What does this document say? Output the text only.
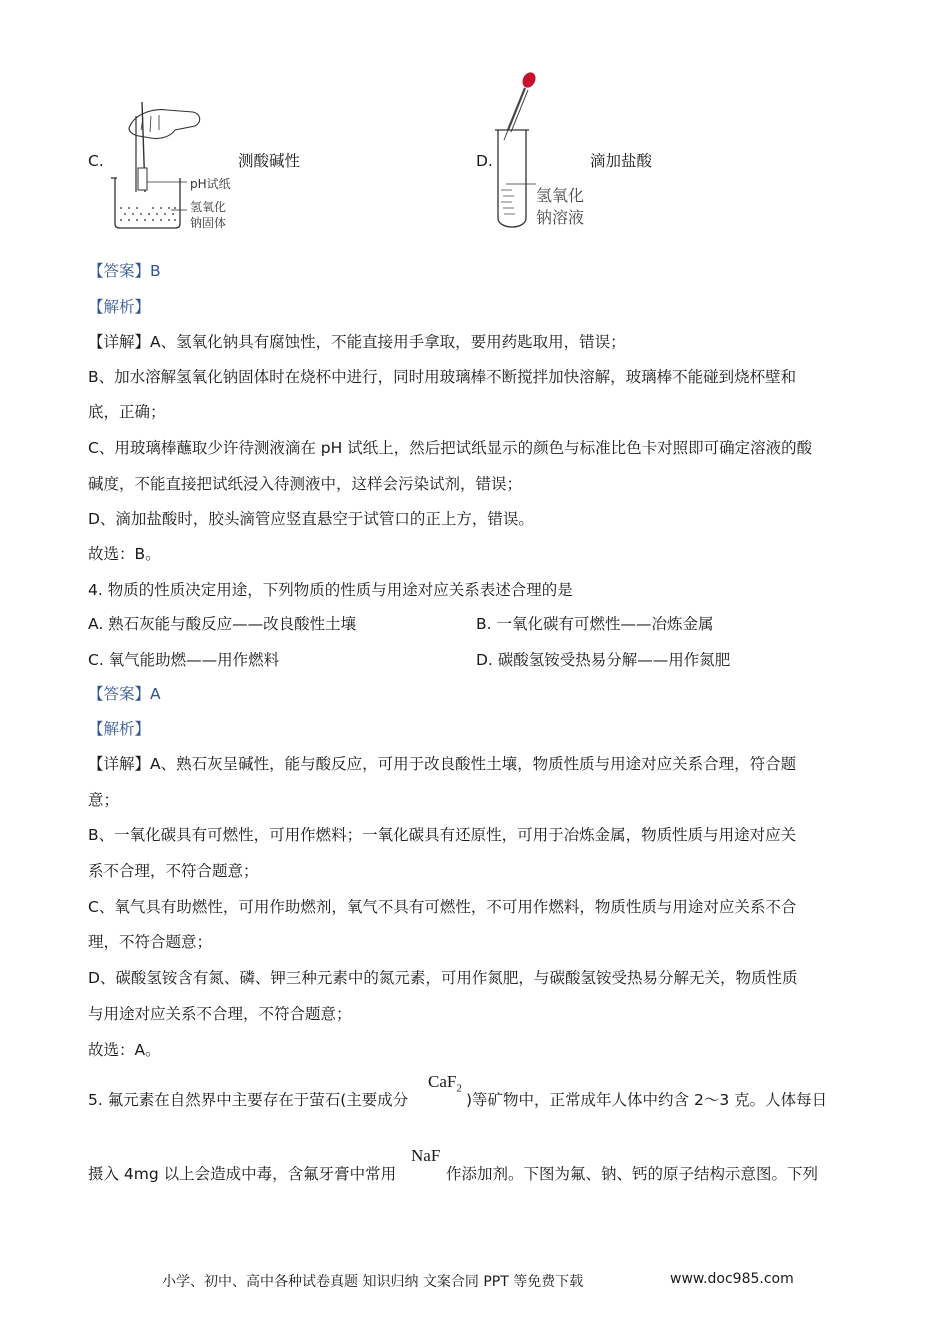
C.
pH试纸
氢氧化
钠固体
测酸碱性	D.
氢氧化
钠溶液
滴加盐酸
【答案】B
【解析】
【详解】A、氢氧化钠具有腐蚀性，不能直接用手拿取，要用药匙取用，错误；
B、加水溶解氢氧化钠固体时在烧杯中进行，同时用玻璃棒不断搅拌加快溶解，玻璃棒不能碰到烧杯壁和
底，正确；
C、用玻璃棒蘸取少许待测液滴在 pH 试纸上，然后把试纸显示的颜色与标准比色卡对照即可确定溶液的酸
碱度，不能直接把试纸浸入待测液中，这样会污染试剂，错误；
D、滴加盐酸时，胶头滴管应竖直悬空于试管口的正上方，错误。
故选：B。
4. 物质的性质决定用途，下列物质的性质与用途对应关系表述合理的是
A. 熟石灰能与酸反应——改良酸性土壤	B. 一氧化碳有可燃性——冶炼金属
C. 氧气能助燃——用作燃料	D. 碳酸氢铵受热易分解——用作氮肥
【答案】A
【解析】
【详解】A、熟石灰呈碱性，能与酸反应，可用于改良酸性土壤，物质性质与用途对应关系合理，符合题
意；
B、一氧化碳具有可燃性，可用作燃料；一氧化碳具有还原性，可用于冶炼金属，物质性质与用途对应关
系不合理，不符合题意；
C、氧气具有助燃性，可用作助燃剂，氧气不具有可燃性，不可用作燃料，物质性质与用途对应关系不合
理，不符合题意；
D、碳酸氢铵含有氮、磷、钾三种元素中的氮元素，可用作氮肥，与碳酸氢铵受热易分解无关，物质性质
与用途对应关系不合理，不符合题意；
故选：A。
5. 氟元素在自然界中主要存在于萤石(主要成分
CaF$_2$
)等矿物中，正常成年人体中约含 2～3 克。人体每日
摄入 4mg 以上会造成中毒，含氟牙膏中常用
NaF
作添加剂。下图为氟、钠、钙的原子结构示意图。下列
小学、初中、高中各种试卷真题 知识归纳 文案合同 PPT 等免费下载	www.doc985.com
